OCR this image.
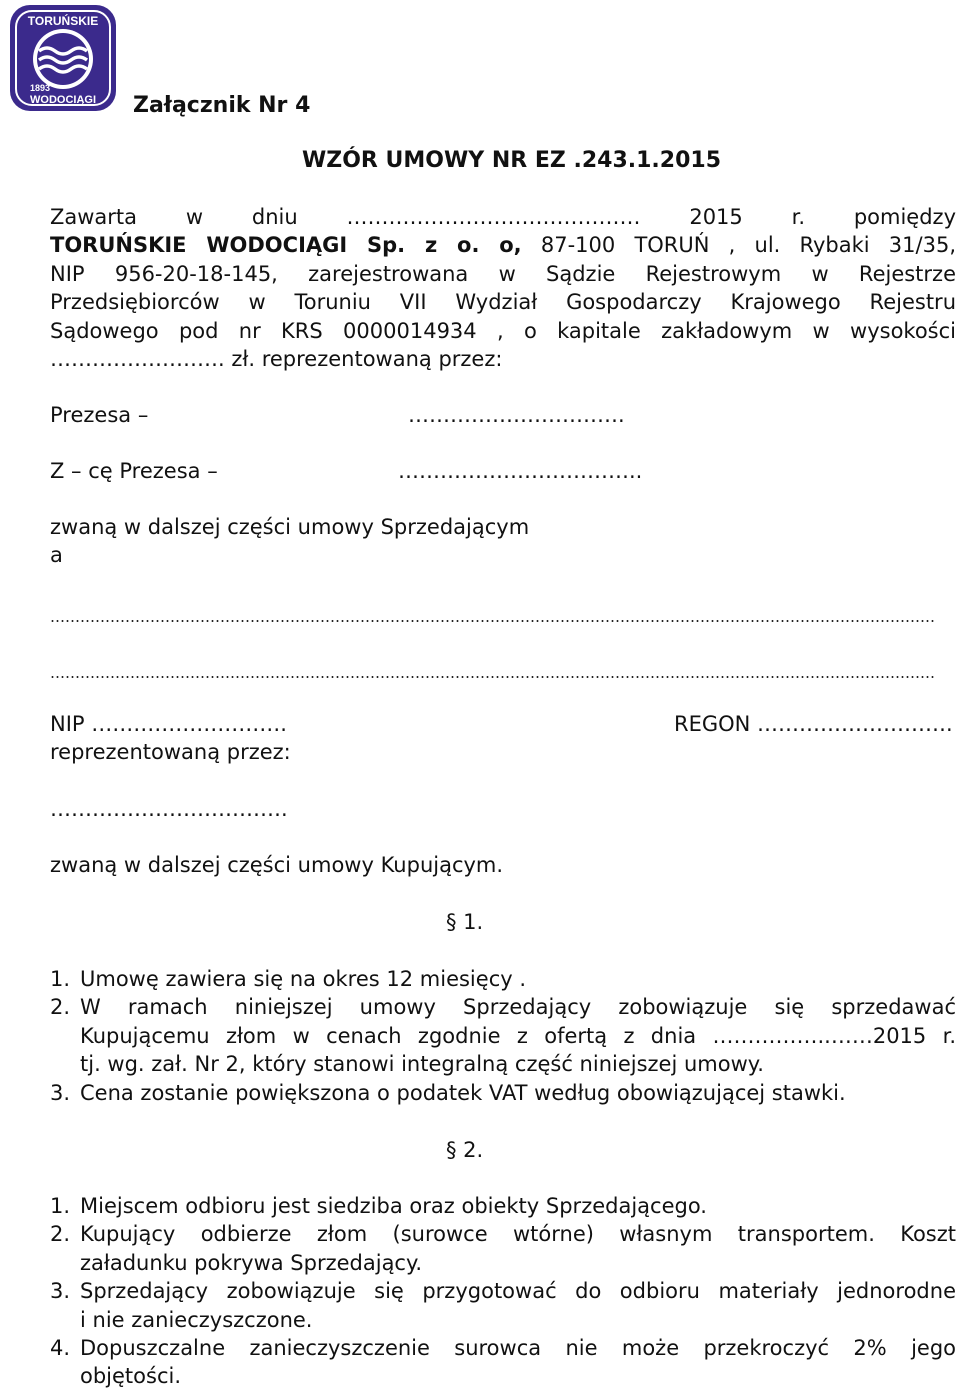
TORUŃSKIE
1893
WODOCIĄGI Załącznik Nr 4
WZÓR UMOWY NR EZ .243.1.2015
Zawarta w dniu …………………………………… 2015 r. pomiędzy
TORUŃSKIE WODOCIĄGI Sp. z o. o, 87-100 TORUŃ , ul. Rybaki 31/35,
NIP 956-20-18-145, zarejestrowana w Sądzie Rejestrowym w Rejestrze
Przedsiębiorców w Toruniu VII Wydział Gospodarczy Krajowego Rejestru
Sądowego pod nr KRS 0000014934 , o kapitale zakładowym w wysokości
……………………. zł. reprezentowaną przez:
Prezesa –	………………………….
Z – cę Prezesa –	……………………………..
zwaną w dalszej części umowy Sprzedającym
a
NIP ……………………….	REGON ……………………….
reprezentowaną przez:
…………………………….
zwaną w dalszej części umowy Kupującym.
§ 1.
1. Umowę zawiera się na okres 12 miesięcy .
2. W ramach niniejszej umowy Sprzedający zobowiązuje się sprzedawać
Kupującemu złom w cenach zgodnie z ofertą z dnia ……………..……2015 r.
tj. wg. zał. Nr 2, który stanowi integralną część niniejszej umowy.
3. Cena zostanie powiększona o podatek VAT według obowiązującej stawki.
§ 2.
1. Miejscem odbioru jest siedziba oraz obiekty Sprzedającego.
2. Kupujący odbierze złom (surowce wtórne) własnym transportem. Koszt
załadunku pokrywa Sprzedający.
3. Sprzedający zobowiązuje się przygotować do odbioru materiały jednorodne
i nie zanieczyszczone.
4. Dopuszczalne zanieczyszczenie surowca nie może przekroczyć 2% jego
objętości.
